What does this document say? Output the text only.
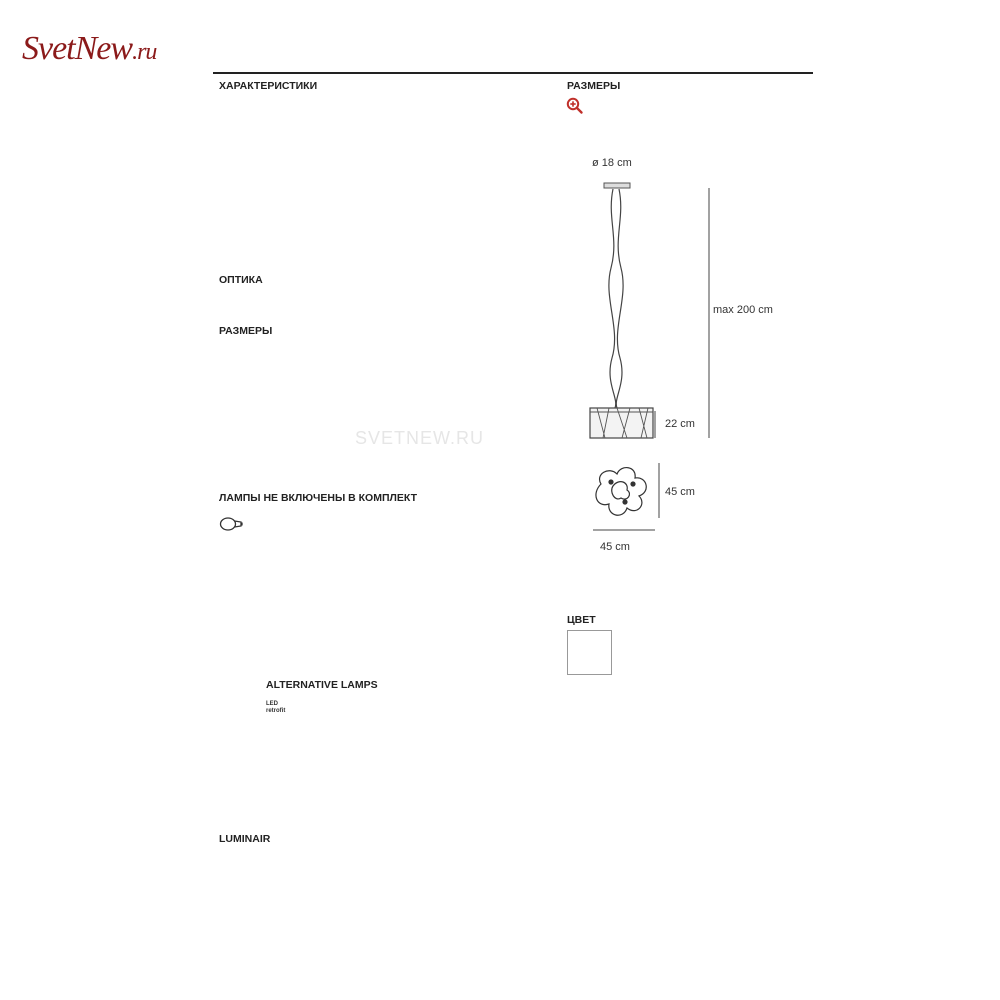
SvetNew.ru
ХАРАКТЕРИСТИКИ
ОПТИКА
РАЗМЕРЫ
SVETNEW.RU
ЛАМПЫ НЕ ВКЛЮЧЕНЫ В КОМПЛЕКТ
ALTERNATIVE LAMPS
LED
retrofit
LUMINAIR
РАЗМЕРЫ
ø 18 cm
max 200 cm
22 cm
45 cm
45 cm
ЦВЕТ
